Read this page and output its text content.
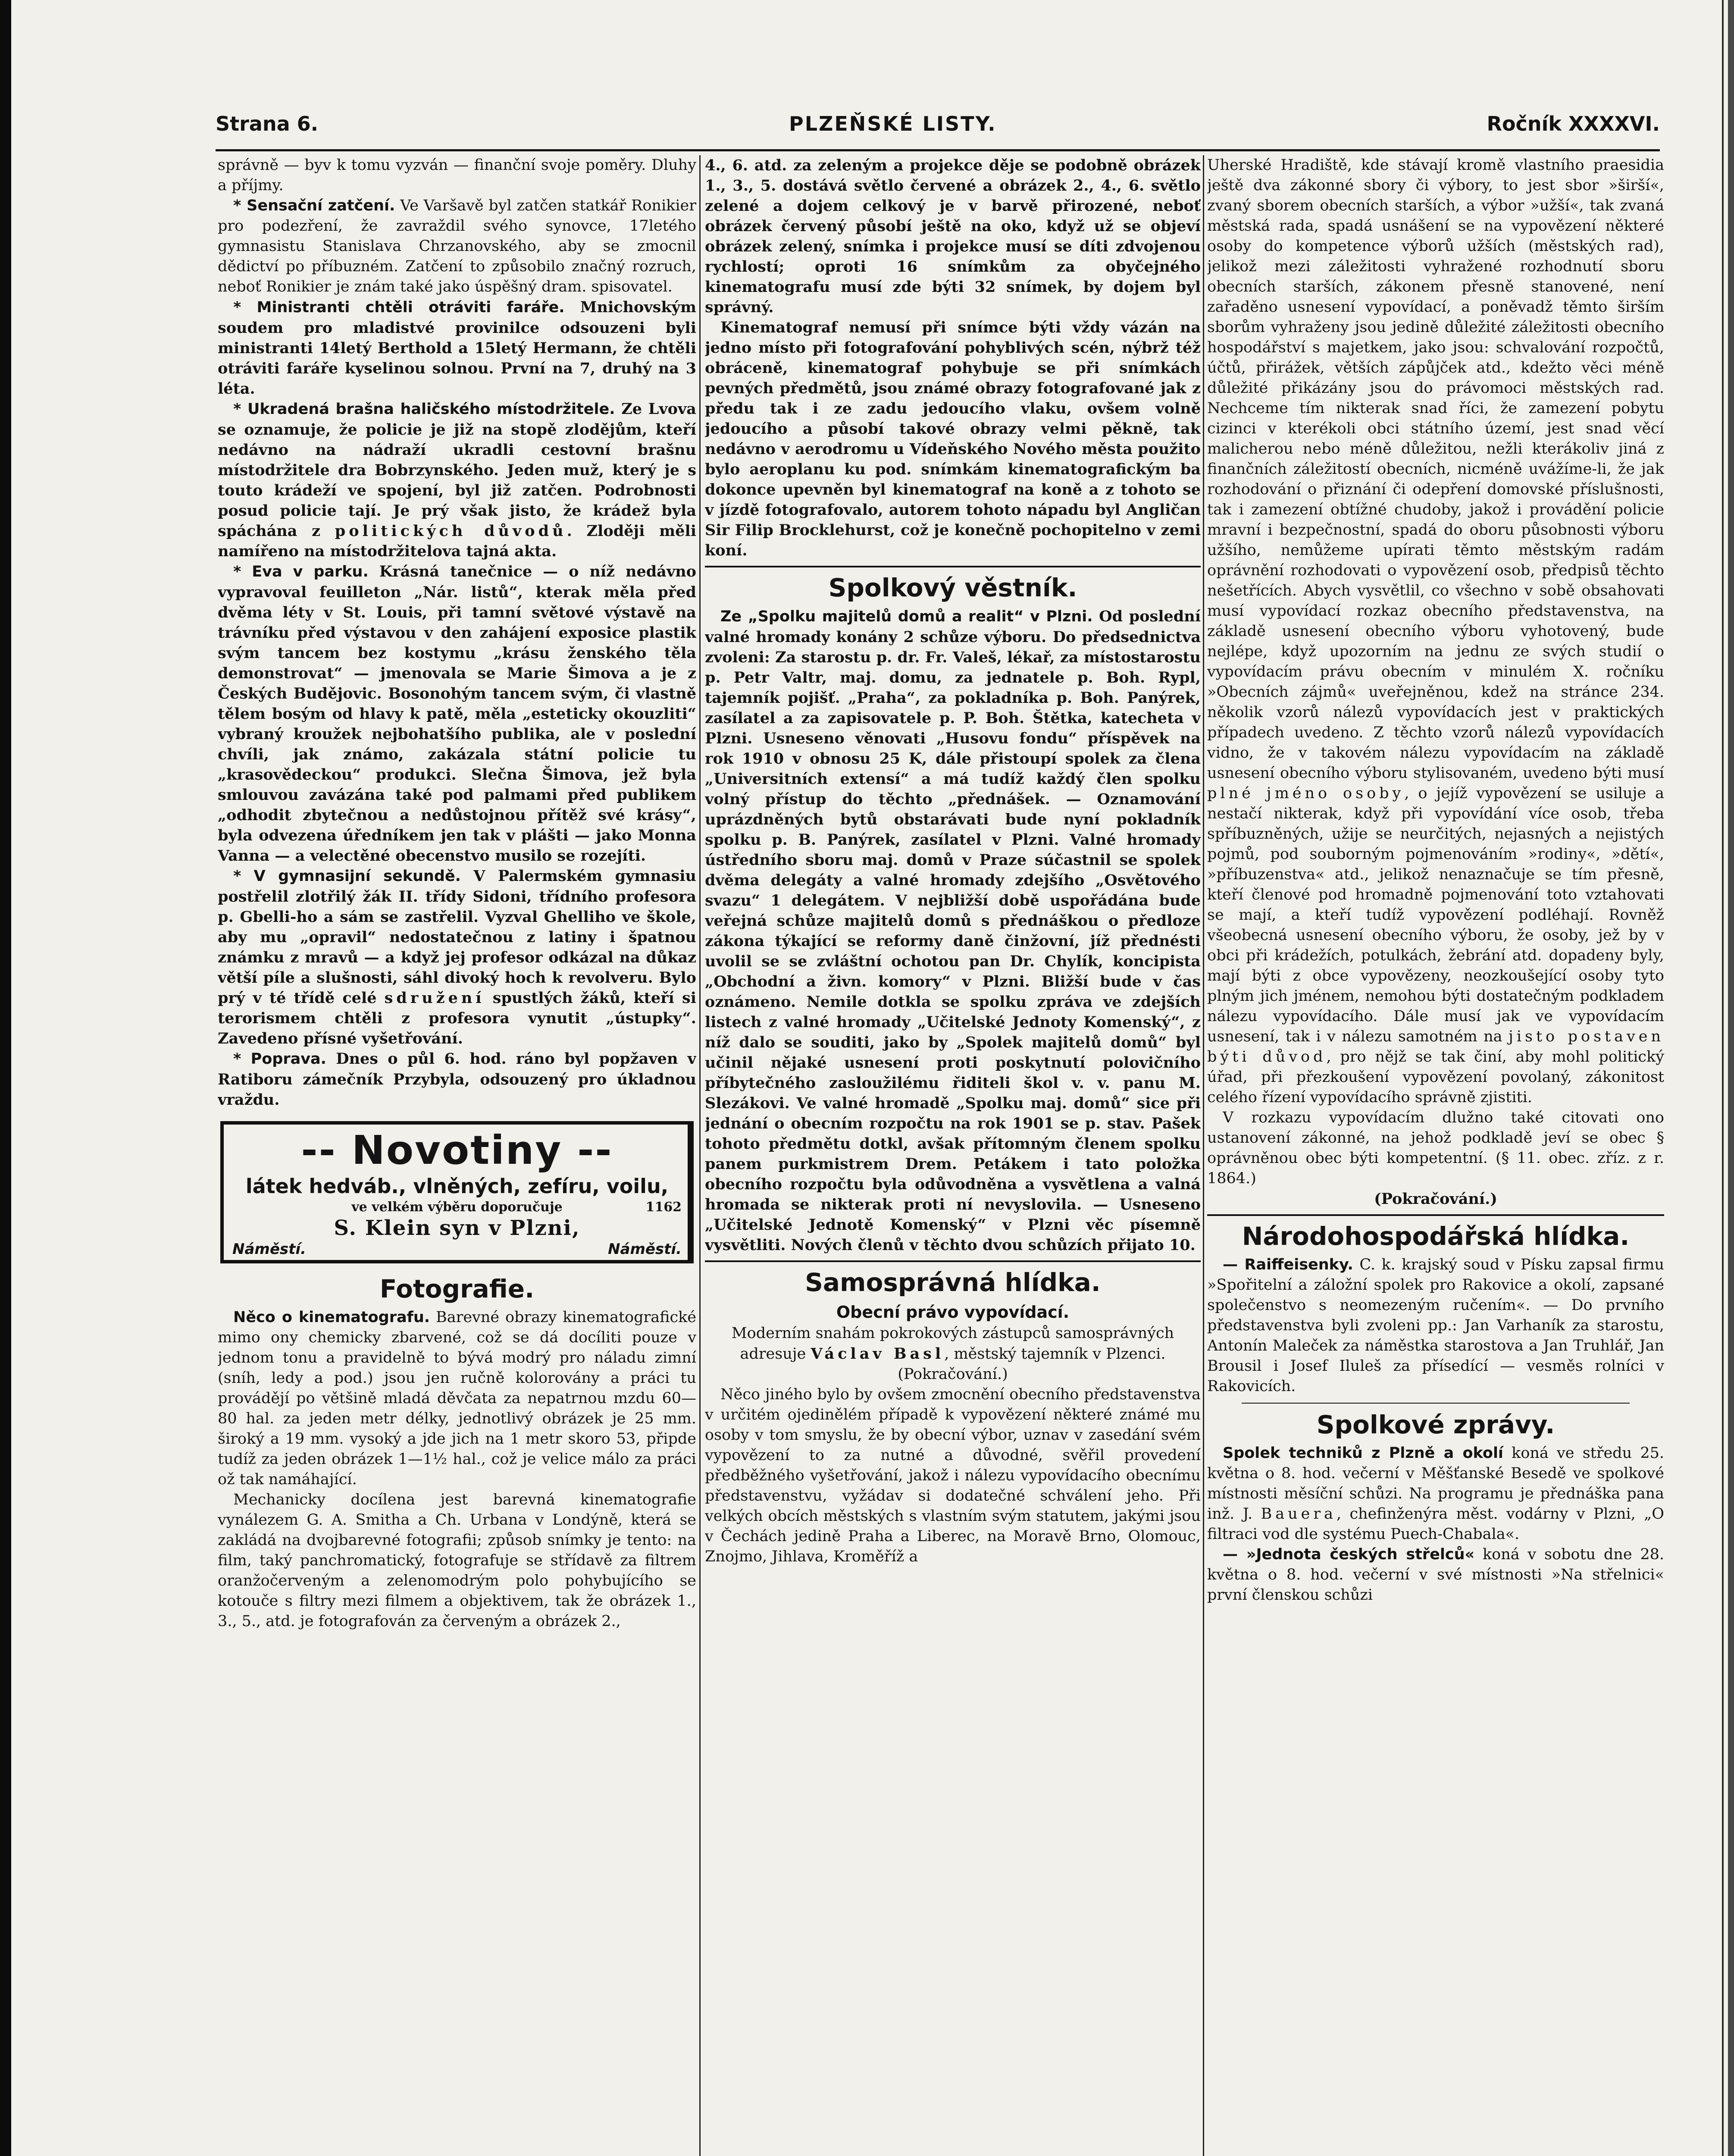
Strana 6.	PLZEŇSKÉ LISTY.	Ročník XXXXVI.

správně — byv k tomu vyzván — finanční svoje poměry. Dluhy a příjmy.

* Sensační zatčení. Ve Varšavě byl zatčen statkář Ronikier pro podezření, že zavraždil svého synovce, 17letého gymnasistu Stanislava Chrzanovského, aby se zmocnil dědictví po příbuzném. Zatčení to způsobilo značný rozruch, neboť Ronikier je znám také jako úspěšný dram. spisovatel.

* Ministranti chtěli otráviti faráře. Mnichovským soudem pro mladistvé provinilce odsouzeni byli ministranti 14letý Berthold a 15letý Hermann, že chtěli otráviti faráře kyselinou solnou. První na 7, druhý na 3 léta.

* Ukradená brašna haličského místodržitele. Ze Lvova se oznamuje, že policie je již na stopě zlodějům, kteří nedávno na nádraží ukradli cestovní brašnu místodržitele dra Bobrzynského. Jeden muž, který je s touto krádeží ve spojení, byl již zatčen. Podrobnosti posud policie tají. Je prý však jisto, že krádež byla spáchána z politických důvodů. Zloději měli namířeno na místodržitelova tajná akta.

* Eva v parku. Krásná tanečnice — o níž nedávno vypravoval feuilleton „Nár. listů“, kterak měla před dvěma léty v St. Louis, při tamní světové výstavě na trávníku před výstavou v den zahájení exposice plastik svým tancem bez kostymu „krásu ženského těla demonstrovat“ — jmenovala se Marie Šimova a je z Českých Budějovic. Bosonohým tancem svým, či vlastně tělem bosým od hlavy k patě, měla „esteticky okouzliti“ vybraný kroužek nejbohatšího publika, ale v poslední chvíli, jak známo, zakázala státní policie tu „krasovědeckou“ produkci. Slečna Šimova, jež byla smlouvou zavázána také pod palmami před publikem „odhodit zbytečnou a nedůstojnou přítěž své krásy“, byla odvezena úředníkem jen tak v plášti — jako Monna Vanna — a velectěné obecenstvo musilo se rozejíti.

* V gymnasijní sekundě. V Palermském gymnasiu postřelil zlotřilý žák II. třídy Sidoni, třídního profesora p. Gbelli-ho a sám se zastřelil. Vyzval Ghelliho ve škole, aby mu „opravil“ nedostatečnou z latiny i špatnou známku z mravů — a když jej profesor odkázal na důkaz větší píle a slušnosti, sáhl divoký hoch k revolveru. Bylo prý v té třídě celé sdružení spustlých žáků, kteří si terorismem chtěli z profesora vynutit „ústupky“. Zavedeno přísné vyšetřování.

* Poprava. Dnes o půl 6. hod. ráno byl popžaven v Ratiboru zámečník Przybyla, odsouzený pro úkladnou vraždu.

-- Novotiny --
látek hedváb., vlněných, zefíru, voilu,
ve velkém výběru doporučuje	1162
S. Klein syn v Plzni,
Náměstí.	Náměstí.
Fotografie.

Něco o kinematografu. Barevné obrazy kinematografické mimo ony chemicky zbarvené, což se dá docíliti pouze v jednom tonu a pravidelně to bývá modrý pro náladu zimní (sníh, ledy a pod.) jsou jen ručně kolorovány a práci tu provádějí po většině mladá děvčata za nepatrnou mzdu 60—80 hal. za jeden metr délky, jednotlivý obrázek je 25 mm. široký a 19 mm. vysoký a jde jich na 1 metr skoro 53, připde tudíž za jeden obrázek 1—1½ hal., což je velice málo za práci ož tak namáhající.

Mechanicky docílena jest barevná kinematografie vynálezem G. A. Smitha a Ch. Urbana v Londýně, která se zakládá na dvojbarevné fotografii; způsob snímky je tento: na film, taký panchromatický, fotografuje se střídavě za filtrem oranžočerveným a zelenomodrým polo pohybujícího se kotouče s filtry mezi filmem a objektivem, tak že obrázek 1., 3., 5., atd. je fotografován za červeným a obrázek 2.,

4., 6. atd. za zeleným a projekce děje se podobně obrázek 1., 3., 5. dostává světlo červené a obrázek 2., 4., 6. světlo zelené a dojem celkový je v barvě přirozené, neboť obrázek červený působí ještě na oko, když už se objeví obrázek zelený, snímka i projekce musí se díti zdvojenou rychlostí; oproti 16 snímkům za obyčejného kinematografu musí zde býti 32 snímek, by dojem byl správný.

Kinematograf nemusí při snímce býti vždy vázán na jedno místo při fotografování pohyblivých scén, nýbrž též obráceně, kinematograf pohybuje se při snímkách pevných předmětů, jsou známé obrazy fotografované jak z předu tak i ze zadu jedoucího vlaku, ovšem volně jedoucího a působí takové obrazy velmi pěkně, tak nedávno v aerodromu u Vídeňského Nového města použito bylo aeroplanu ku pod. snímkám kinematografickým ba dokonce upevněn byl kinematograf na koně a z tohoto se v jízdě fotografovalo, autorem tohoto nápadu byl Angličan Sir Filip Brocklehurst, což je konečně pochopitelno v zemi koní.

Spolkový věstník.

Ze „Spolku majitelů domů a realit“ v Plzni. Od poslední valné hromady konány 2 schůze výboru. Do předsednictva zvoleni: Za starostu p. dr. Fr. Valeš, lékař, za místostarostu p. Petr Valtr, maj. domu, za jednatele p. Boh. Rypl, tajemník pojišť. „Praha“, za pokladníka p. Boh. Panýrek, zasílatel a za zapisovatele p. P. Boh. Štětka, katecheta v Plzni. Usneseno věnovati „Husovu fondu“ příspěvek na rok 1910 v obnosu 25 K, dále přistoupí spolek za člena „Universitních extensí“ a má tudíž každý člen spolku volný přístup do těchto „přednášek. — Oznamování uprázdněných bytů obstarávati bude nyní pokladník spolku p. B. Panýrek, zasílatel v Plzni. Valné hromady ústředního sboru maj. domů v Praze súčastnil se spolek dvěma delegáty a valné hromady zdejšího „Osvětového svazu“ 1 delegátem. V nejbližší době uspořádána bude veřejná schůze majitelů domů s přednáškou o předloze zákona týkající se reformy daně činžovní, jíž přednésti uvolil se se zvláštní ochotou pan Dr. Chylík, koncipista „Obchodní a živn. komory“ v Plzni. Bližší bude v čas oznámeno. Nemile dotkla se spolku zpráva ve zdejších listech z valné hromady „Učitelské Jednoty Komenský“, z níž dalo se souditi, jako by „Spolek majitelů domů“ byl učinil nějaké usnesení proti poskytnutí polovičního příbytečného zasloužilému řiditeli škol v. v. panu M. Slezákovi. Ve valné hromadě „Spolku maj. domů“ sice při jednání o obecním rozpočtu na rok 1901 se p. stav. Pašek tohoto předmětu dotkl, avšak přítomným členem spolku panem purkmistrem Drem. Petákem i tato položka obecního rozpočtu byla odůvodněna a vysvětlena a valná hromada se nikterak proti ní nevyslovila. — Usneseno „Učitelské Jednotě Komenský“ v Plzni věc písemně vysvětliti. Nových členů v těchto dvou schůzích přijato 10.

Samosprávná hlídka.
Obecní právo vypovídací.

Moderním snahám pokrokových zástupců samosprávných adresuje Václav Basl, městský tajemník v Plzenci.

(Pokračování.)

Něco jiného bylo by ovšem zmocnění obecního představenstva v určitém ojedinělém případě k vypovězení některé známé mu osoby v tom smyslu, že by obecní výbor, uznav v zasedání svém vypovězení to za nutné a důvodné, svěřil provedení předběžného vyšetřování, jakož i nálezu vypovídacího obecnímu představenstvu, vyžádav si dodatečné schválení jeho. Při velkých obcích městských s vlastním svým statutem, jakými jsou v Čechách jedině Praha a Liberec, na Moravě Brno, Olomouc, Znojmo, Jihlava, Kroměříž a

Uherské Hradiště, kde stávají kromě vlastního praesidia ještě dva zákonné sbory či výbory, to jest sbor »širší«, zvaný sborem obecních starších, a výbor »užší«, tak zvaná městská rada, spadá usnášení se na vypovězení některé osoby do kompetence výborů užších (městských rad), jelikož mezi záležitosti vyhražené rozhodnutí sboru obecních starších, zákonem přesně stanovené, není zařaděno usnesení vypovídací, a poněvadž těmto širším sborům vyhraženy jsou jedině důležité záležitosti obecního hospodářství s majetkem, jako jsou: schvalování rozpočtů, účtů, přirážek, větších zápůjček atd., kdežto věci méně důležité přikázány jsou do právomoci městských rad. Nechceme tím nikterak snad říci, že zamezení pobytu cizinci v kterékoli obci státního území, jest snad věcí malicherou nebo méně důležitou, nežli kterákoliv jiná z finančních záležitostí obecních, nicméně uvážíme-li, že jak rozhodování o přiznání či odepření domovské příslušnosti, tak i zamezení obtížné chudoby, jakož i provádění policie mravní i bezpečnostní, spadá do oboru působnosti výboru užšího, nemůžeme upírati těmto městským radám oprávnění rozhodovati o vypovězení osob, předpisů těchto nešetřících. Abych vysvětlil, co všechno v sobě obsahovati musí vypovídací rozkaz obecního představenstva, na základě usnesení obecního výboru vyhotovený, bude nejlépe, když upozorním na jednu ze svých studií o vypovídacím právu obecním v minulém X. ročníku »Obecních zájmů« uveřejněnou, kdež na stránce 234. několik vzorů nálezů vypovídacích jest v praktických případech uvedeno. Z těchto vzorů nálezů vypovídacích vidno, že v takovém nálezu vypovídacím na základě usnesení obecního výboru stylisovaném, uvedeno býti musí plné jméno osoby, o jejíž vypovězení se usiluje a nestačí nikterak, když při vypovídání více osob, třeba spříbuzněných, užije se neurčitých, nejasných a nejistých pojmů, pod souborným pojmenováním »rodiny«, »dětí«, »příbuzenstva« atd., jelikož nenaznačuje se tím přesně, kteří členové pod hromadně pojmenování toto vztahovati se mají, a kteří tudíž vypovězení podléhají. Rovněž všeobecná usnesení obecního výboru, že osoby, jež by v obci při krádežích, potulkách, žebrání atd. dopadeny byly, mají býti z obce vypovězeny, neozkoušející osoby tyto plným jich jménem, nemohou býti dostatečným podkladem nálezu vypovídacího. Dále musí jak ve vypovídacím usnesení, tak i v nálezu samotném na jisto postaven býti důvod, pro nějž se tak činí, aby mohl politický úřad, při přezkoušení vypovězení povolaný, zákonitost celého řízení vypovídacího správně zjistiti.

V rozkazu vypovídacím dlužno také citovati ono ustanovení zákonné, na jehož podkladě jeví se obec § oprávněnou obec býti kompetentní. (§ 11. obec. zříz. z r. 1864.)

(Pokračování.)

Národohospodářská hlídka.

— Raiffeisenky. C. k. krajský soud v Písku zapsal firmu »Spořitelní a záložní spolek pro Rakovice a okolí, zapsané společenstvo s neomezeným ručením«. — Do prvního představenstva byli zvoleni pp.: Jan Varhaník za starostu, Antonín Maleček za náměstka starostova a Jan Truhlář, Jan Brousil i Josef Iluleš za přísedící — vesměs rolníci v Rakovicích.

Spolkové zprávy.

Spolek techniků z Plzně a okolí koná ve středu 25. května o 8. hod. večerní v Měšťanské Besedě ve spolkové místnosti měsíční schůzi. Na programu je přednáška pana inž. J. Bauera, chefinženýra měst. vodárny v Plzni, „O filtraci vod dle systému Puech-Chabala«.

— »Jednota českých střelců« koná v sobotu dne 28. května o 8. hod. večerní v své místnosti »Na střelnici« první členskou schůzi
